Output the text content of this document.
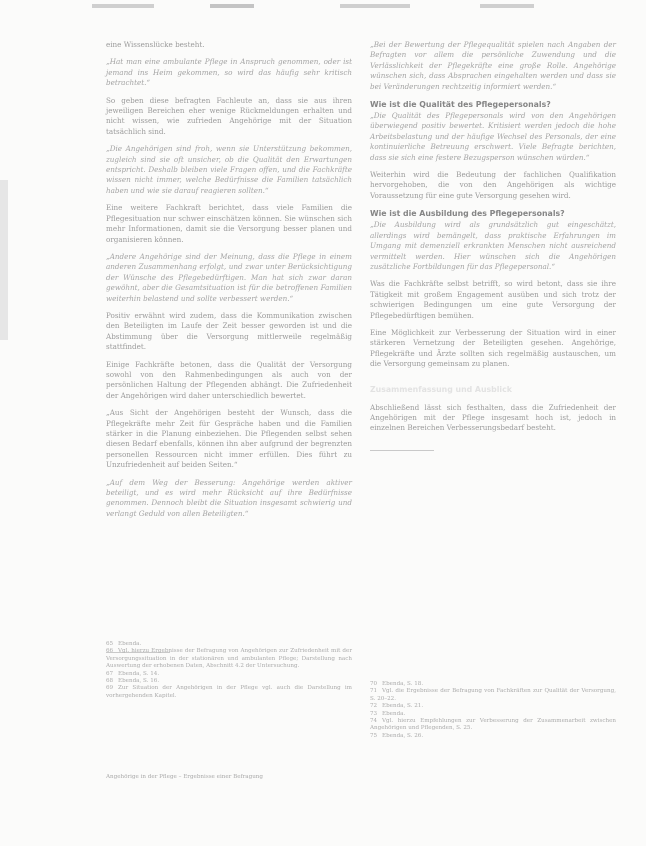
eine Wissenslücke besteht.

„Hat man eine ambulante Pflege in Anspruch genommen, oder ist jemand ins Heim gekommen, so wird das häufig sehr kritisch betrachtet.“

So geben diese befragten Fachleute an, dass sie aus ihren jeweiligen Bereichen eher wenige Rückmeldungen erhalten und nicht wissen, wie zufrieden Angehörige mit der Situation tatsächlich sind.

„Die Angehörigen sind froh, wenn sie Unterstützung bekommen, zugleich sind sie oft unsicher, ob die Qualität den Erwartungen entspricht. Deshalb bleiben viele Fragen offen, und die Fachkräfte wissen nicht immer, welche Bedürfnisse die Familien tatsächlich haben und wie sie darauf reagieren sollten.“

Eine weitere Fachkraft berichtet, dass viele Familien die Pflegesituation nur schwer einschätzen können. Sie wünschen sich mehr Informationen, damit sie die Versorgung besser planen und organisieren können.

„Andere Angehörige sind der Meinung, dass die Pflege in einem anderen Zusammenhang erfolgt, und zwar unter Berücksichtigung der Wünsche des Pflegebedürftigen. Man hat sich zwar daran gewöhnt, aber die Gesamtsituation ist für die betroffenen Familien weiterhin belastend und sollte verbessert werden.“

Positiv erwähnt wird zudem, dass die Kommunikation zwischen den Beteiligten im Laufe der Zeit besser geworden ist und die Abstimmung über die Versorgung mittlerweile regelmäßig stattfindet.

Einige Fachkräfte betonen, dass die Qualität der Versorgung sowohl von den Rahmenbedingungen als auch von der persönlichen Haltung der Pflegenden abhängt. Die Zufriedenheit der Angehörigen wird daher unterschiedlich bewertet.

„Aus Sicht der Angehörigen besteht der Wunsch, dass die Pflegekräfte mehr Zeit für Gespräche haben und die Familien stärker in die Planung einbeziehen. Die Pflegenden selbst sehen diesen Bedarf ebenfalls, können ihn aber aufgrund der begrenzten personellen Ressourcen nicht immer erfüllen. Dies führt zu Unzufriedenheit auf beiden Seiten.“

„Auf dem Weg der Besserung: Angehörige werden aktiver beteiligt, und es wird mehr Rücksicht auf ihre Bedürfnisse genommen. Dennoch bleibt die Situation insgesamt schwierig und verlangt Geduld von allen Beteiligten.“

„Bei der Bewertung der Pflegequalität spielen nach Angaben der Befragten vor allem die persönliche Zuwendung und die Verlässlichkeit der Pflegekräfte eine große Rolle. Angehörige wünschen sich, dass Absprachen eingehalten werden und dass sie bei Veränderungen rechtzeitig informiert werden.“

Wie ist die Qualität des Pflegepersonals?

„Die Qualität des Pflegepersonals wird von den Angehörigen überwiegend positiv bewertet. Kritisiert werden jedoch die hohe Arbeitsbelastung und der häufige Wechsel des Personals, der eine kontinuierliche Betreuung erschwert. Viele Befragte berichten, dass sie sich eine festere Bezugsperson wünschen würden.“

Weiterhin wird die Bedeutung der fachlichen Qualifikation hervorgehoben, die von den Angehörigen als wichtige Voraussetzung für eine gute Versorgung gesehen wird.

Wie ist die Ausbildung des Pflegepersonals?

„Die Ausbildung wird als grundsätzlich gut eingeschätzt, allerdings wird bemängelt, dass praktische Erfahrungen im Umgang mit demenziell erkrankten Menschen nicht ausreichend vermittelt werden. Hier wünschen sich die Angehörigen zusätzliche Fortbildungen für das Pflegepersonal.“

Was die Fachkräfte selbst betrifft, so wird betont, dass sie ihre Tätigkeit mit großem Engagement ausüben und sich trotz der schwierigen Bedingungen um eine gute Versorgung der Pflegebedürftigen bemühen.

Eine Möglichkeit zur Verbesserung der Situation wird in einer stärkeren Vernetzung der Beteiligten gesehen. Angehörige, Pflegekräfte und Ärzte sollten sich regelmäßig austauschen, um die Versorgung gemeinsam zu planen.

Zusammenfassung und Ausblick

Abschließend lässt sich festhalten, dass die Zufriedenheit der Angehörigen mit der Pflege insgesamt hoch ist, jedoch in einzelnen Bereichen Verbesserungsbedarf besteht.

65 Ebenda.

66 Vgl. hierzu Ergebnisse der Befragung von Angehörigen zur Zufriedenheit mit der Versorgungssituation in der stationären und ambulanten Pflege; Darstellung nach Auswertung der erhobenen Daten, Abschnitt 4.2 der Untersuchung.

67 Ebenda, S. 14.

68 Ebenda, S. 16.

69 Zur Situation der Angehörigen in der Pflege vgl. auch die Darstellung im vorhergehenden Kapitel.

70 Ebenda, S. 18.

71 Vgl. die Ergebnisse der Befragung von Fachkräften zur Qualität der Versorgung, S. 20–22.

72 Ebenda, S. 21.

73 Ebenda.

74 Vgl. hierzu Empfehlungen zur Verbesserung der Zusammenarbeit zwischen Angehörigen und Pflegenden, S. 25.

75 Ebenda, S. 26.

Angehörige in der Pflege – Ergebnisse einer Befragung
